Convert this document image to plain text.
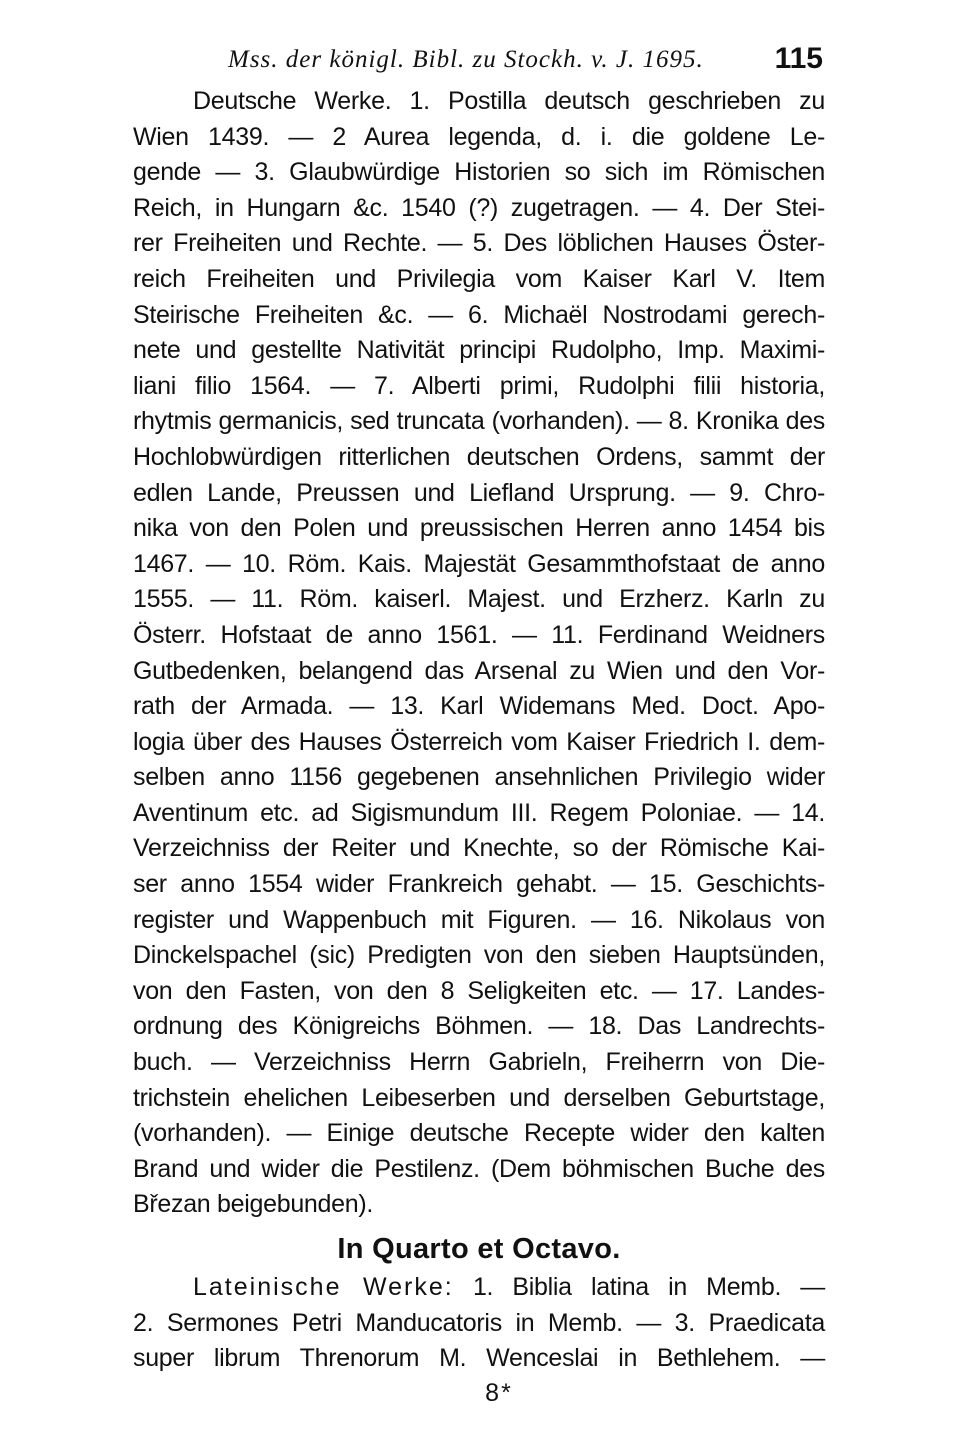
Mss. der königl. Bibl. zu Stockh. v. J. 1695. 115

Deutsche Werke. 1. Postilla deutsch geschrieben zu
Wien 1439. — 2 Aurea legenda, d. i. die goldene Le-
gende — 3. Glaubwürdige Historien so sich im Römischen
Reich, in Hungarn &c. 1540 (?) zugetragen. — 4. Der Stei-
rer Freiheiten und Rechte. — 5. Des löblichen Hauses Öster-
reich Freiheiten und Privilegia vom Kaiser Karl V. Item
Steirische Freiheiten &c. — 6. Michaël Nostrodami gerech-
nete und gestellte Nativität principi Rudolpho, Imp. Maximi-
liani filio 1564. — 7. Alberti primi, Rudolphi filii historia,
rhytmis germanicis, sed truncata (vorhanden). — 8. Kronika des
Hochlobwürdigen ritterlichen deutschen Ordens, sammt der
edlen Lande, Preussen und Liefland Ursprung. — 9. Chro-
nika von den Polen und preussischen Herren anno 1454 bis
1467. — 10. Röm. Kais. Majestät Gesammthofstaat de anno
1555. — 11. Röm. kaiserl. Majest. und Erzherz. Karln zu
Österr. Hofstaat de anno 1561. — 11. Ferdinand Weidners
Gutbedenken, belangend das Arsenal zu Wien und den Vor-
rath der Armada. — 13. Karl Widemans Med. Doct. Apo-
logia über des Hauses Österreich vom Kaiser Friedrich I. dem-
selben anno 1156 gegebenen ansehnlichen Privilegio wider
Aventinum etc. ad Sigismundum III. Regem Poloniae. — 14.
Verzeichniss der Reiter und Knechte, so der Römische Kai-
ser anno 1554 wider Frankreich gehabt. — 15. Geschichts-
register und Wappenbuch mit Figuren. — 16. Nikolaus von
Dinckelspachel (sic) Predigten von den sieben Hauptsünden,
von den Fasten, von den 8 Seligkeiten etc. — 17. Landes-
ordnung des Königreichs Böhmen. — 18. Das Landrechts-
buch. — Verzeichniss Herrn Gabrieln, Freiherrn von Die-
trichstein ehelichen Leibeserben und derselben Geburtstage,
(vorhanden). — Einige deutsche Recepte wider den kalten
Brand und wider die Pestilenz. (Dem böhmischen Buche des
Březan beigebunden).

In Quarto et Octavo.

Lateinische Werke: 1. Biblia latina in Memb. —
2. Sermones Petri Manducatoris in Memb. — 3. Praedicata
super librum Threnorum M. Wenceslai in Bethlehem. —

8*
